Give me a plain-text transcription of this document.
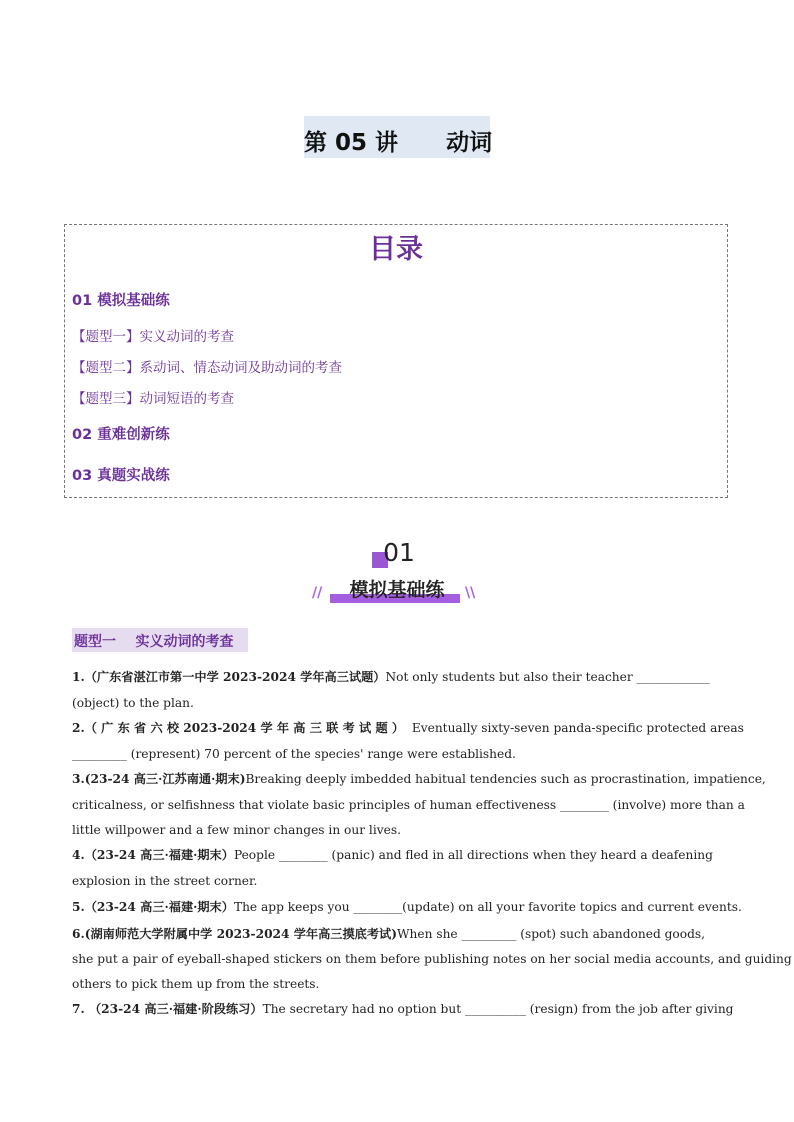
第 05 讲      动词
目录
01 模拟基础练
【题型一】实义动词的考查
【题型二】系动词、情态动词及助动词的考查
【题型三】动词短语的考查
02 重难创新练
03 真题实战练
01
模拟基础练
//	\\
题型一    实义动词的考查
1.（广东省湛江市第一中学 2023-2024 学年高三试题）Not only students but also their teacher ____________
(object) to the plan.
2.（ 广 东 省 六 校 2023-2024 学 年 高 三 联 考 试 题 ） Eventually sixty-seven panda-specific protected areas
_________ (represent) 70 percent of the species' range were established.
3.(23-24 高三·江苏南通·期末)Breaking deeply imbedded habitual tendencies such as procrastination, impatience,
criticalness, or selfishness that violate basic principles of human effectiveness ________ (involve) more than a
little willpower and a few minor changes in our lives.
4.（23-24 高三·福建·期末）People ________ (panic) and fled in all directions when they heard a deafening
explosion in the street corner.
5.（23-24 高三·福建·期末）The app keeps you ________(update) on all your favorite topics and current events.
6.(湖南师范大学附属中学 2023-2024 学年高三摸底考试)When she _________ (spot) such abandoned goods,
she put a pair of eyeball-shaped stickers on them before publishing notes on her social media accounts, and guiding
others to pick them up from the streets.
7. （23-24 高三·福建·阶段练习）The secretary had no option but __________ (resign) from the job after giving
